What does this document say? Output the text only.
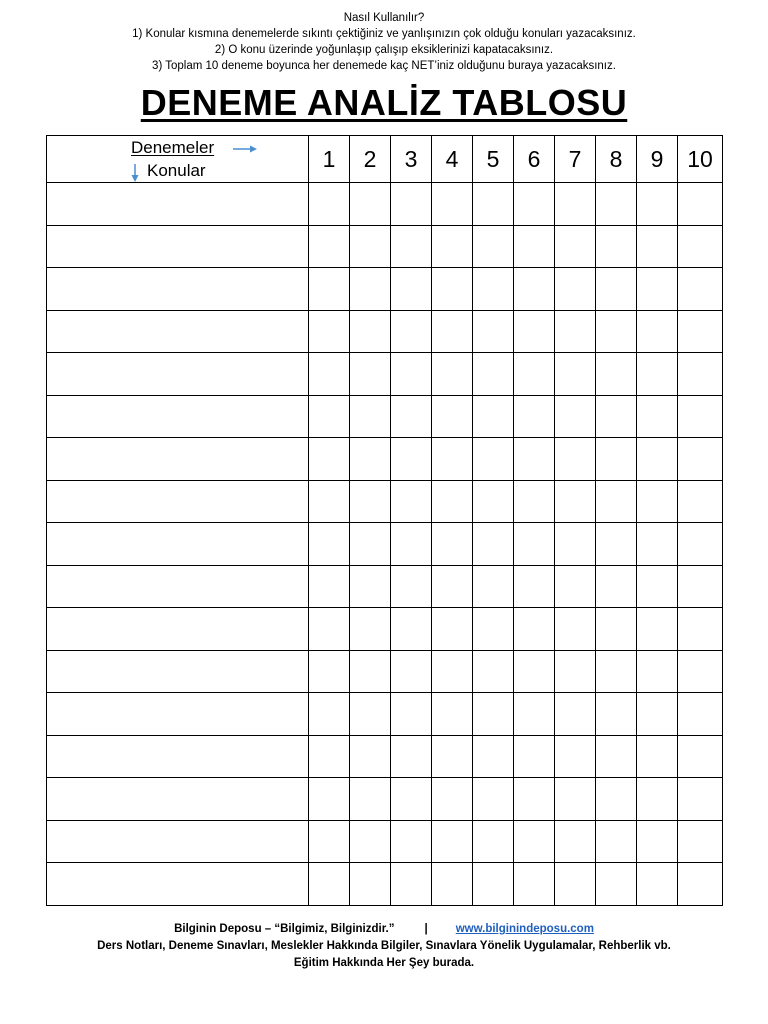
Nasıl Kullanılır?
1) Konular kısmına denemelerde sıkıntı çektiğiniz ve yanlışınızın çok olduğu konuları yazacaksınız.
2) O konu üzerinde yoğunlaşıp çalışıp eksiklerinizi kapatacaksınız.
3) Toplam 10 deneme boyunca her denemede kaç NET’iniz olduğunu buraya yazacaksınız.
DENEME ANALİZ TABLOSU
Denemeler
Konular	1	2	3	4	5	6	7	8	9	10

Bilginin Deposu – “Bilgimiz, Bilginizdir.”	| www.bilginindeposu.com
Ders Notları, Deneme Sınavları, Meslekler Hakkında Bilgiler, Sınavlara Yönelik Uygulamalar, Rehberlik vb.
Eğitim Hakkında Her Şey burada.
